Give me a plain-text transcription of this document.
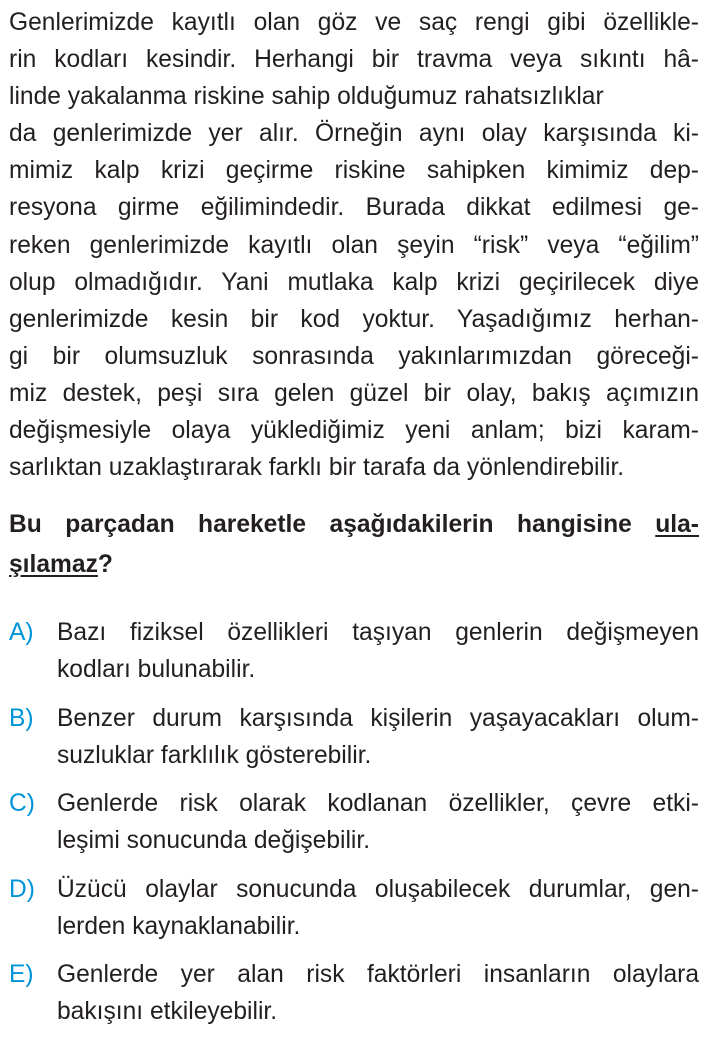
Genlerimizde kayıtlı olan göz ve saç rengi gibi özellikle-
rin kodları kesindir. Herhangi bir travma veya sıkıntı hâ-
linde yakalanma riskine sahip olduğumuz rahatsızlıklar
da genlerimizde yer alır. Örneğin aynı olay karşısında ki-
mimiz kalp krizi geçirme riskine sahipken kimimiz dep-
resyona girme eğilimindedir. Burada dikkat edilmesi ge-
reken genlerimizde kayıtlı olan şeyin “risk” veya “eğilim”
olup olmadığıdır. Yani mutlaka kalp krizi geçirilecek diye
genlerimizde kesin bir kod yoktur. Yaşadığımız herhan-
gi bir olumsuzluk sonrasında yakınlarımızdan göreceği-
miz destek, peşi sıra gelen güzel bir olay, bakış açımızın
değişmesiyle olaya yüklediğimiz yeni anlam; bizi karam-
sarlıktan uzaklaştırarak farklı bir tarafa da yönlendirebilir.
Bu parçadan hareketle aşağıdakilerin hangisine ula-
şılamaz?
A) Bazı fiziksel özellikleri taşıyan genlerin değişmeyen
kodları bulunabilir.
B) Benzer durum karşısında kişilerin yaşayacakları olum-
suzluklar farklılık gösterebilir.
C) Genlerde risk olarak kodlanan özellikler, çevre etki-
leşimi sonucunda değişebilir.
D) Üzücü olaylar sonucunda oluşabilecek durumlar, gen-
lerden kaynaklanabilir.
E) Genlerde yer alan risk faktörleri insanların olaylara
bakışını etkileyebilir.
